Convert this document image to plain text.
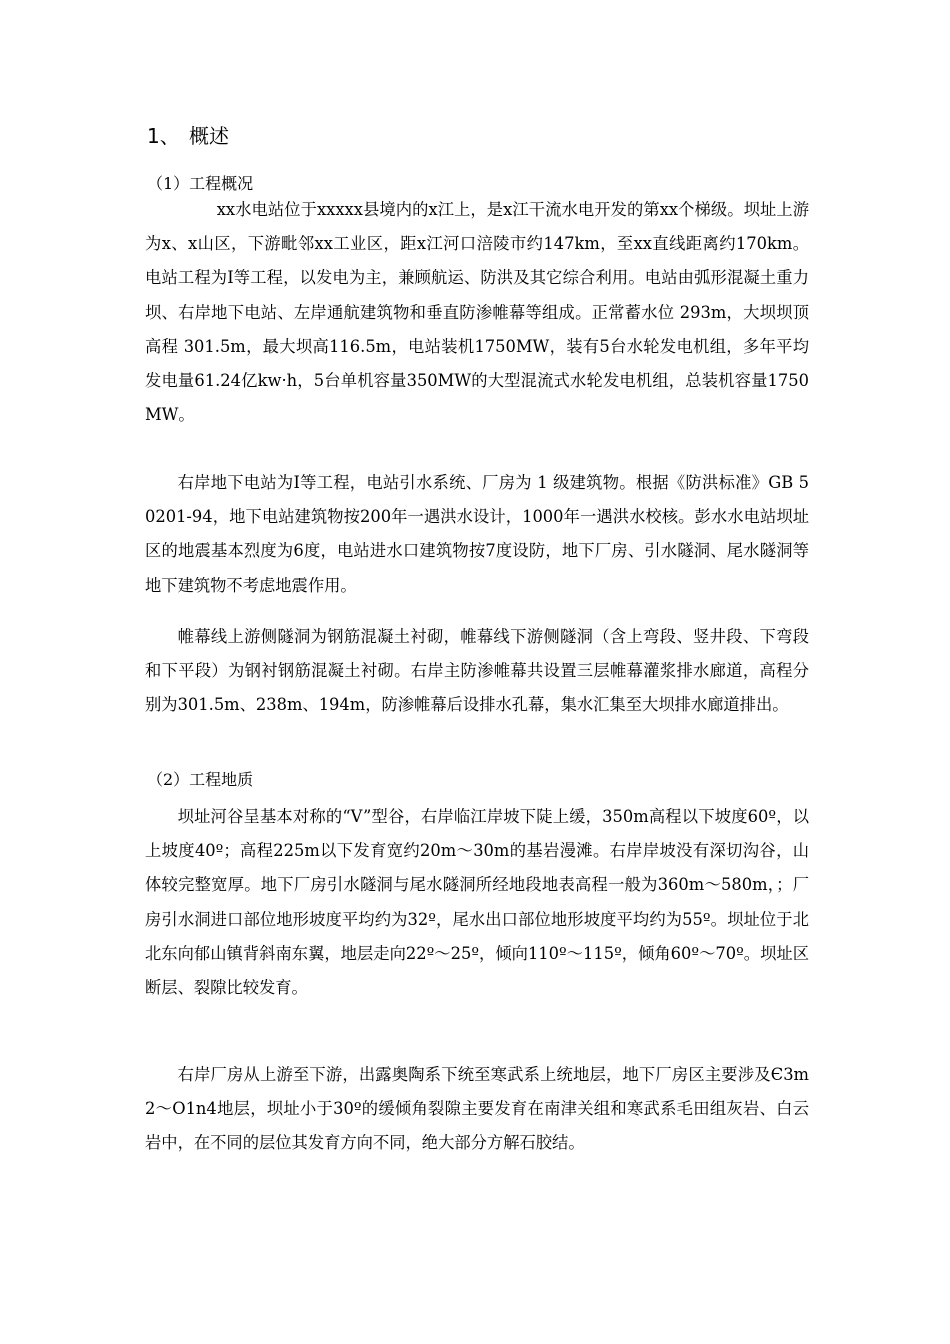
1、 概述
（1）工程概况

xx水电站位于xxxxx县境内的x江上，是x江干流水电开发的第xx个梯级。坝址上游为x、x山区，下游毗邻xx工业区，距x江河口涪陵市约147km，至xx直线距离约170km。电站工程为I等工程，以发电为主，兼顾航运、防洪及其它综合利用。电站由弧形混凝土重力坝、右岸地下电站、左岸通航建筑物和垂直防渗帷幕等组成。正常蓄水位 293m，大坝坝顶高程 301.5m，最大坝高116.5m，电站装机1750MW，装有5台水轮发电机组，多年平均发电量61.24亿kw·h，5台单机容量350MW的大型混流式水轮发电机组，总装机容量1750MW。

右岸地下电站为I等工程，电站引水系统、厂房为 1 级建筑物。根据《防洪标准》GB 50201-94，地下电站建筑物按200年一遇洪水设计，1000年一遇洪水校核。彭水水电站坝址区的地震基本烈度为6度，电站进水口建筑物按7度设防，地下厂房、引水隧洞、尾水隧洞等地下建筑物不考虑地震作用。

帷幕线上游侧隧洞为钢筋混凝土衬砌，帷幕线下游侧隧洞（含上弯段、竖井段、下弯段和下平段）为钢衬钢筋混凝土衬砌。右岸主防渗帷幕共设置三层帷幕灌浆排水廊道，高程分别为301.5m、238m、194m，防渗帷幕后设排水孔幕，集水汇集至大坝排水廊道排出。

（2）工程地质

坝址河谷呈基本对称的“V”型谷，右岸临江岸坡下陡上缓，350m高程以下坡度60º，以上坡度40º；高程225m以下发育宽约20m～30m的基岩漫滩。右岸岸坡没有深切沟谷，山体较完整宽厚。地下厂房引水隧洞与尾水隧洞所经地段地表高程一般为360m～580m，；厂房引水洞进口部位地形坡度平均约为32º，尾水出口部位地形坡度平均约为55º。坝址位于北北东向郁山镇背斜南东翼，地层走向22º～25º，倾向110º～115º，倾角60º～70º。坝址区断层、裂隙比较发育。

右岸厂房从上游至下游，出露奥陶系下统至寒武系上统地层，地下厂房区主要涉及Є3m2～O1n4地层，坝址小于30º的缓倾角裂隙主要发育在南津关组和寒武系毛田组灰岩、白云岩中，在不同的层位其发育方向不同，绝大部分方解石胶结。
